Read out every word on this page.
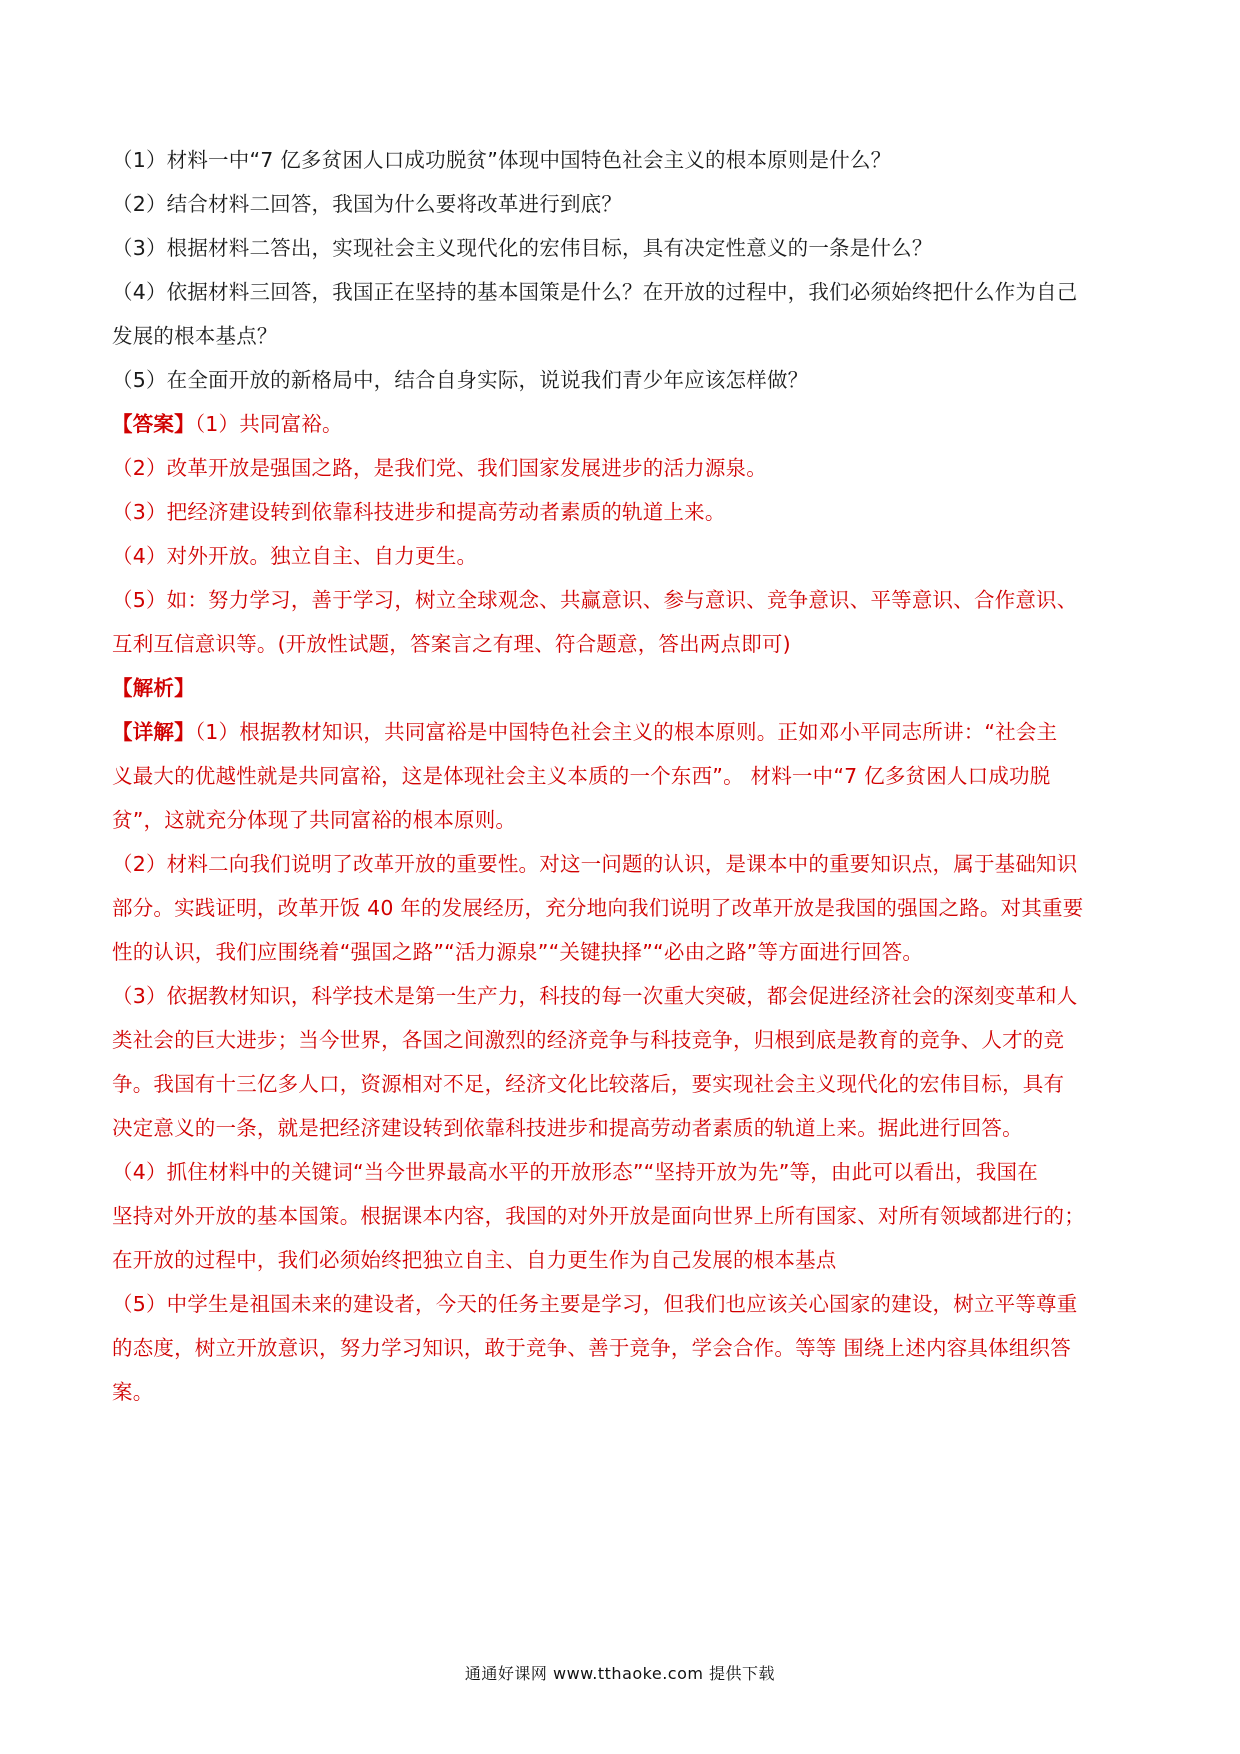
（1）材料一中“7 亿多贫困人口成功脱贫”体现中国特色社会主义的根本原则是什么？
（2）结合材料二回答，我国为什么要将改革进行到底？
（3）根据材料二答出，实现社会主义现代化的宏伟目标，具有决定性意义的一条是什么？
（4）依据材料三回答，我国正在坚持的基本国策是什么？在开放的过程中，我们必须始终把什么作为自己
发展的根本基点？
（5）在全面开放的新格局中，结合自身实际，说说我们青少年应该怎样做？
【答案】（1）共同富裕。
（2）改革开放是强国之路，是我们党、我们国家发展进步的活力源泉。
（3）把经济建设转到依靠科技进步和提高劳动者素质的轨道上来。
（4）对外开放。独立自主、自力更生。
（5）如：努力学习，善于学习，树立全球观念、共赢意识、参与意识、竞争意识、平等意识、合作意识、
互利互信意识等。(开放性试题，答案言之有理、符合题意，答出两点即可)
【解析】
【详解】（1）根据教材知识，共同富裕是中国特色社会主义的根本原则。正如邓小平同志所讲：“社会主
义最大的优越性就是共同富裕，这是体现社会主义本质的一个东西”。 材料一中“7 亿多贫困人口成功脱
贫”，这就充分体现了共同富裕的根本原则。
（2）材料二向我们说明了改革开放的重要性。对这一问题的认识，是课本中的重要知识点，属于基础知识
部分。实践证明，改革开饭 40 年的发展经历，充分地向我们说明了改革开放是我国的强国之路。对其重要
性的认识，我们应围绕着“强国之路”“活力源泉”“关键抉择”“必由之路”等方面进行回答。
（3）依据教材知识，科学技术是第一生产力，科技的每一次重大突破，都会促进经济社会的深刻变革和人
类社会的巨大进步；当今世界，各国之间激烈的经济竞争与科技竞争，归根到底是教育的竞争、人才的竞
争。我国有十三亿多人口，资源相对不足，经济文化比较落后，要实现社会主义现代化的宏伟目标，具有
决定意义的一条，就是把经济建设转到依靠科技进步和提高劳动者素质的轨道上来。据此进行回答。
（4）抓住材料中的关键词“当今世界最高水平的开放形态”“坚持开放为先”等，由此可以看出，我国在
坚持对外开放的基本国策。根据课本内容，我国的对外开放是面向世界上所有国家、对所有领域都进行的；
在开放的过程中，我们必须始终把独立自主、自力更生作为自己发展的根本基点
（5）中学生是祖国未来的建设者，今天的任务主要是学习，但我们也应该关心国家的建设，树立平等尊重
的态度，树立开放意识，努力学习知识，敢于竞争、善于竞争，学会合作。等等 围绕上述内容具体组织答
案。
通通好课网 www.tthaoke.com 提供下载
